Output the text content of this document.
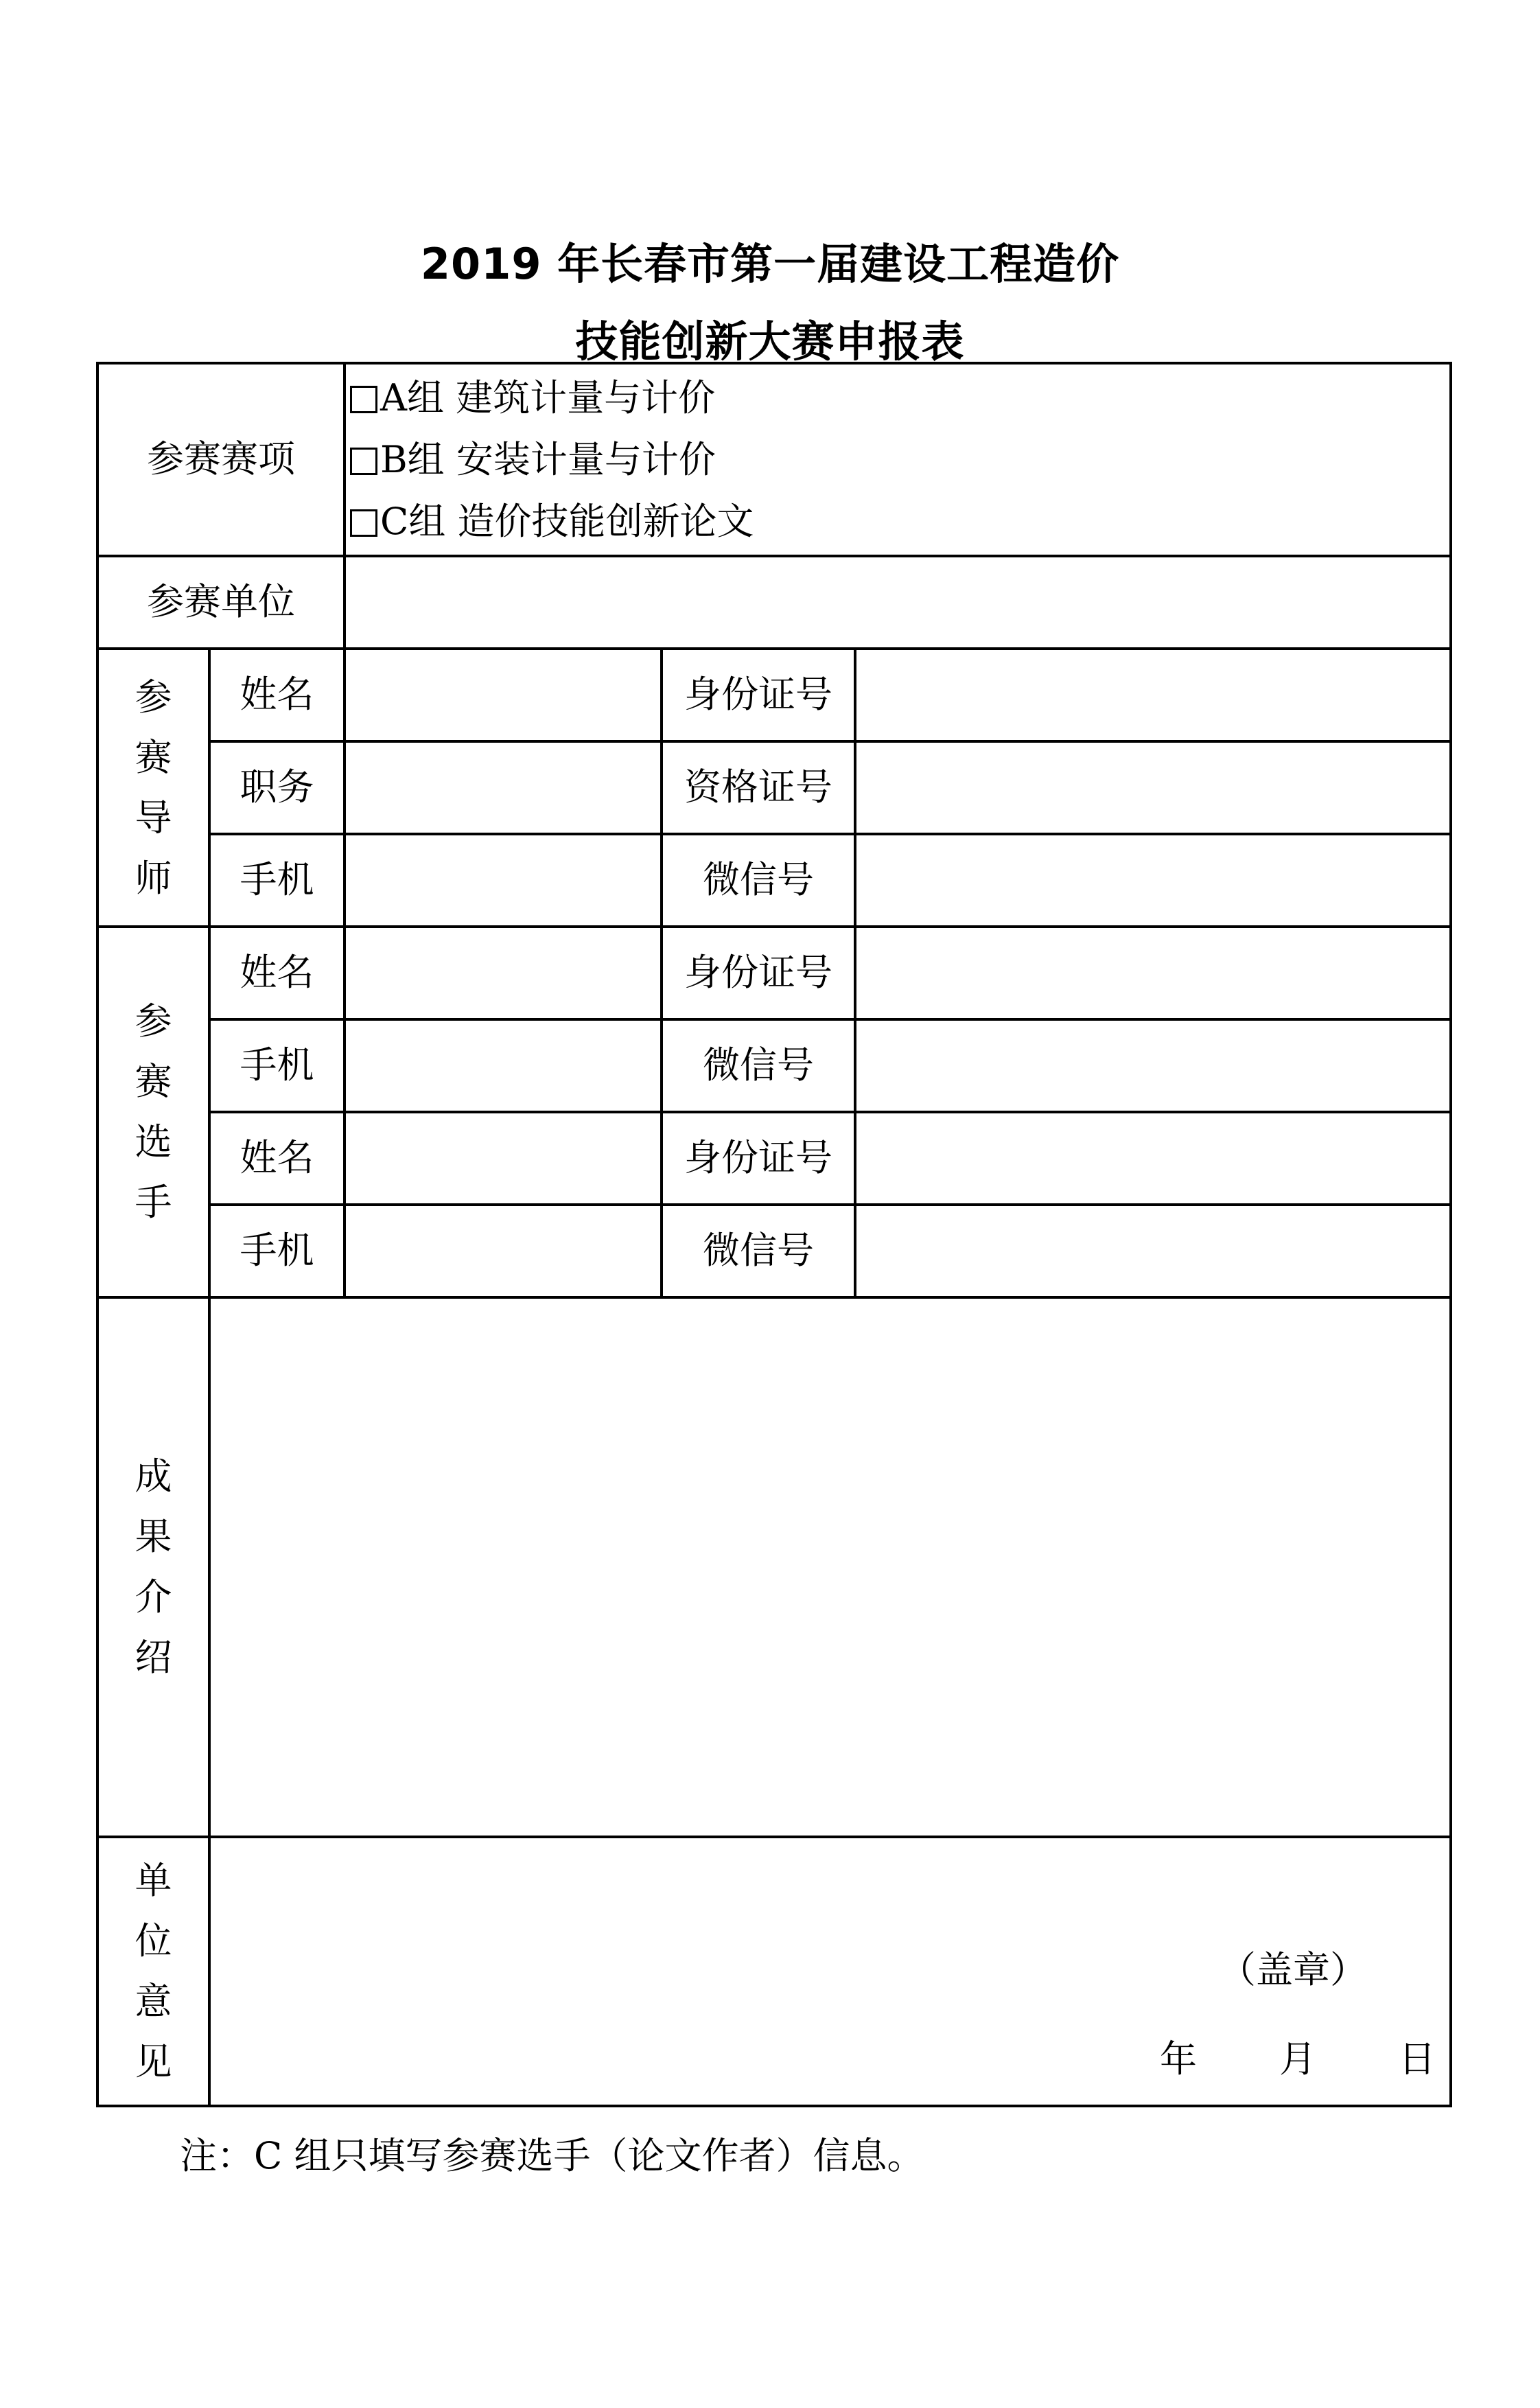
2019 年长春市第一届建设工程造价
技能创新大赛申报表
参赛赛项		A组 建筑计量与计价
B组 安装计量与计价
C组 造价技能创新论文		

参赛单位				
参赛导师	姓名		身份证号	
	职务		资格证号	
	手机		微信号	
参赛选手	姓名		身份证号	
	手机		微信号	
	姓名		身份证号	
	手机		微信号	
成果介绍				
单位意见	（盖章）
年 月 日			
注：C 组只填写参赛选手（论文作者）信息。
